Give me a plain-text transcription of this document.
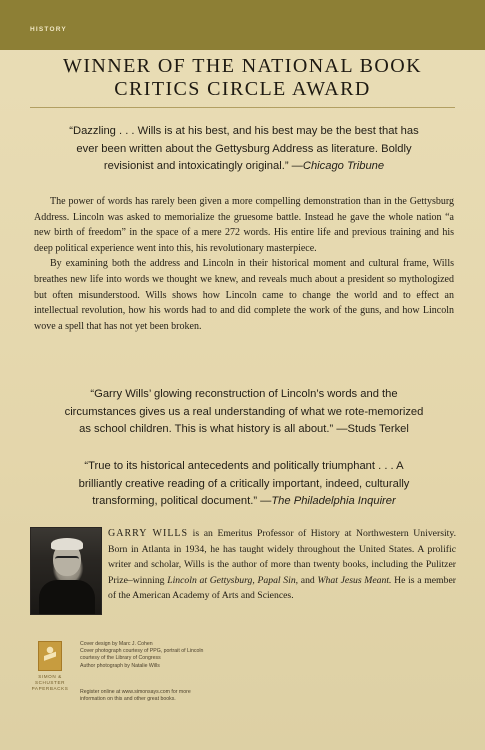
HISTORY
WINNER OF THE NATIONAL BOOK
CRITICS CIRCLE AWARD
“Dazzling . . . Wills is at his best, and his best may be the best that has ever been written about the Gettysburg Address as literature. Boldly revisionist and intoxicatingly original.” —Chicago Tribune

The power of words has rarely been given a more compelling demonstration than in the Gettysburg Address. Lincoln was asked to memorialize the gruesome battle. Instead he gave the whole nation “a new birth of freedom” in the space of a mere 272 words. His entire life and previous training and his deep political experience went into this, his revolutionary masterpiece.

By examining both the address and Lincoln in their historical moment and cultural frame, Wills breathes new life into words we thought we knew, and reveals much about a president so mythologized but often misunderstood. Wills shows how Lincoln came to change the world and to effect an intellectual revolution, how his words had to and did complete the work of the guns, and how Lincoln wove a spell that has not yet been broken.

“Garry Wills’ glowing reconstruction of Lincoln’s words and the circumstances gives us a real understanding of what we rote-memorized as school children. This is what history is all about.” —Studs Terkel
“True to its historical antecedents and politically triumphant . . . A brilliantly creative reading of a critically important, indeed, culturally transforming, political document.” —The Philadelphia Inquirer
GARRY WILLS is an Emeritus Professor of History at Northwestern University. Born in Atlanta in 1934, he has taught widely throughout the United States. A prolific writer and scholar, Wills is the author of more than twenty books, including the Pulitzer Prize–winning Lincoln at Gettysburg, Papal Sin, and What Jesus Meant. He is a member of the American Academy of Arts and Sciences.
SIMON &
SCHUSTER
PAPERBACKS
Cover design by Marc J. Cohen
Cover photograph courtesy of PPG, portrait of Lincoln
courtesy of the Library of Congress
Author photograph by Natalie Wills
Register online at www.simonsays.com for more
information on this and other great books.
